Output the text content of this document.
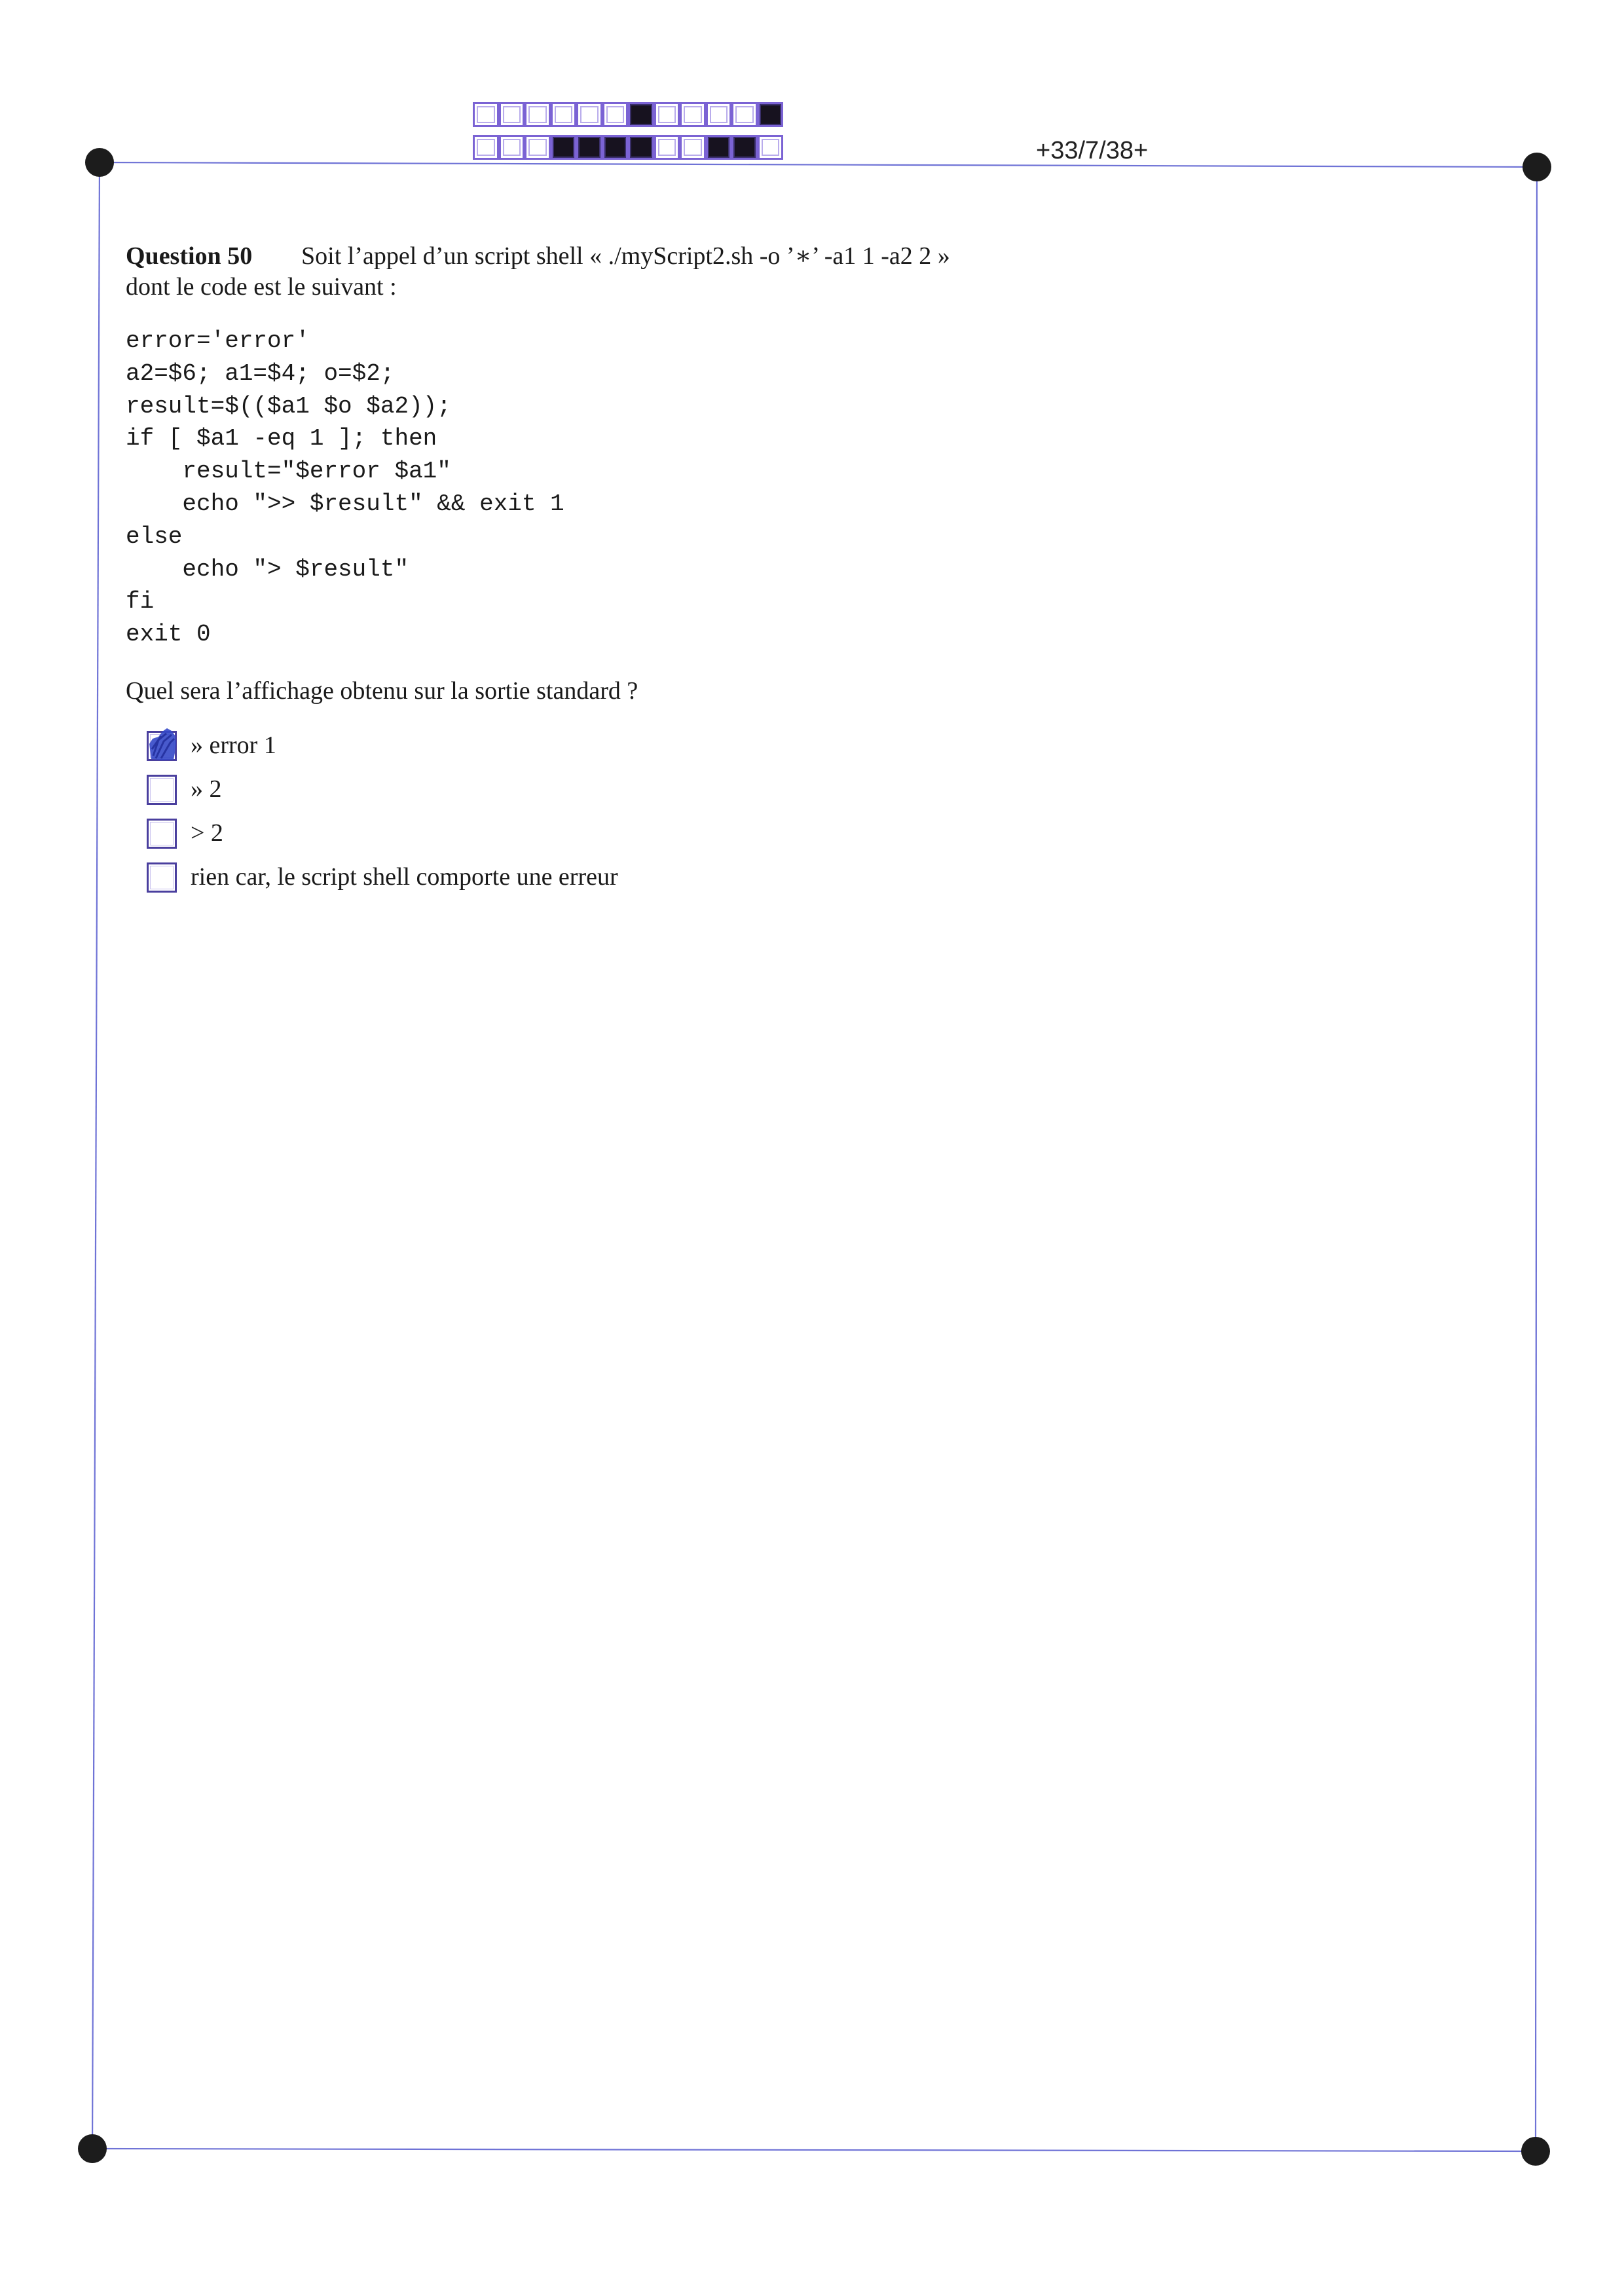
+33/7/38+
Question 50 Soit l’appel d’un script shell « ./myScript2.sh -o ’∗’ -a1 1 -a2 2 »
dont le code est le suivant :
error='error'
a2=$6; a1=$4; o=$2;
result=$(($a1 $o $a2));
if [ $a1 -eq 1 ]; then
result="$error $a1"
echo ">> $result" && exit 1
else
echo "> $result"
fi
exit 0
Quel sera l’affichage obtenu sur la sortie standard ?
» error 1
» 2
> 2
rien car, le script shell comporte une erreur
